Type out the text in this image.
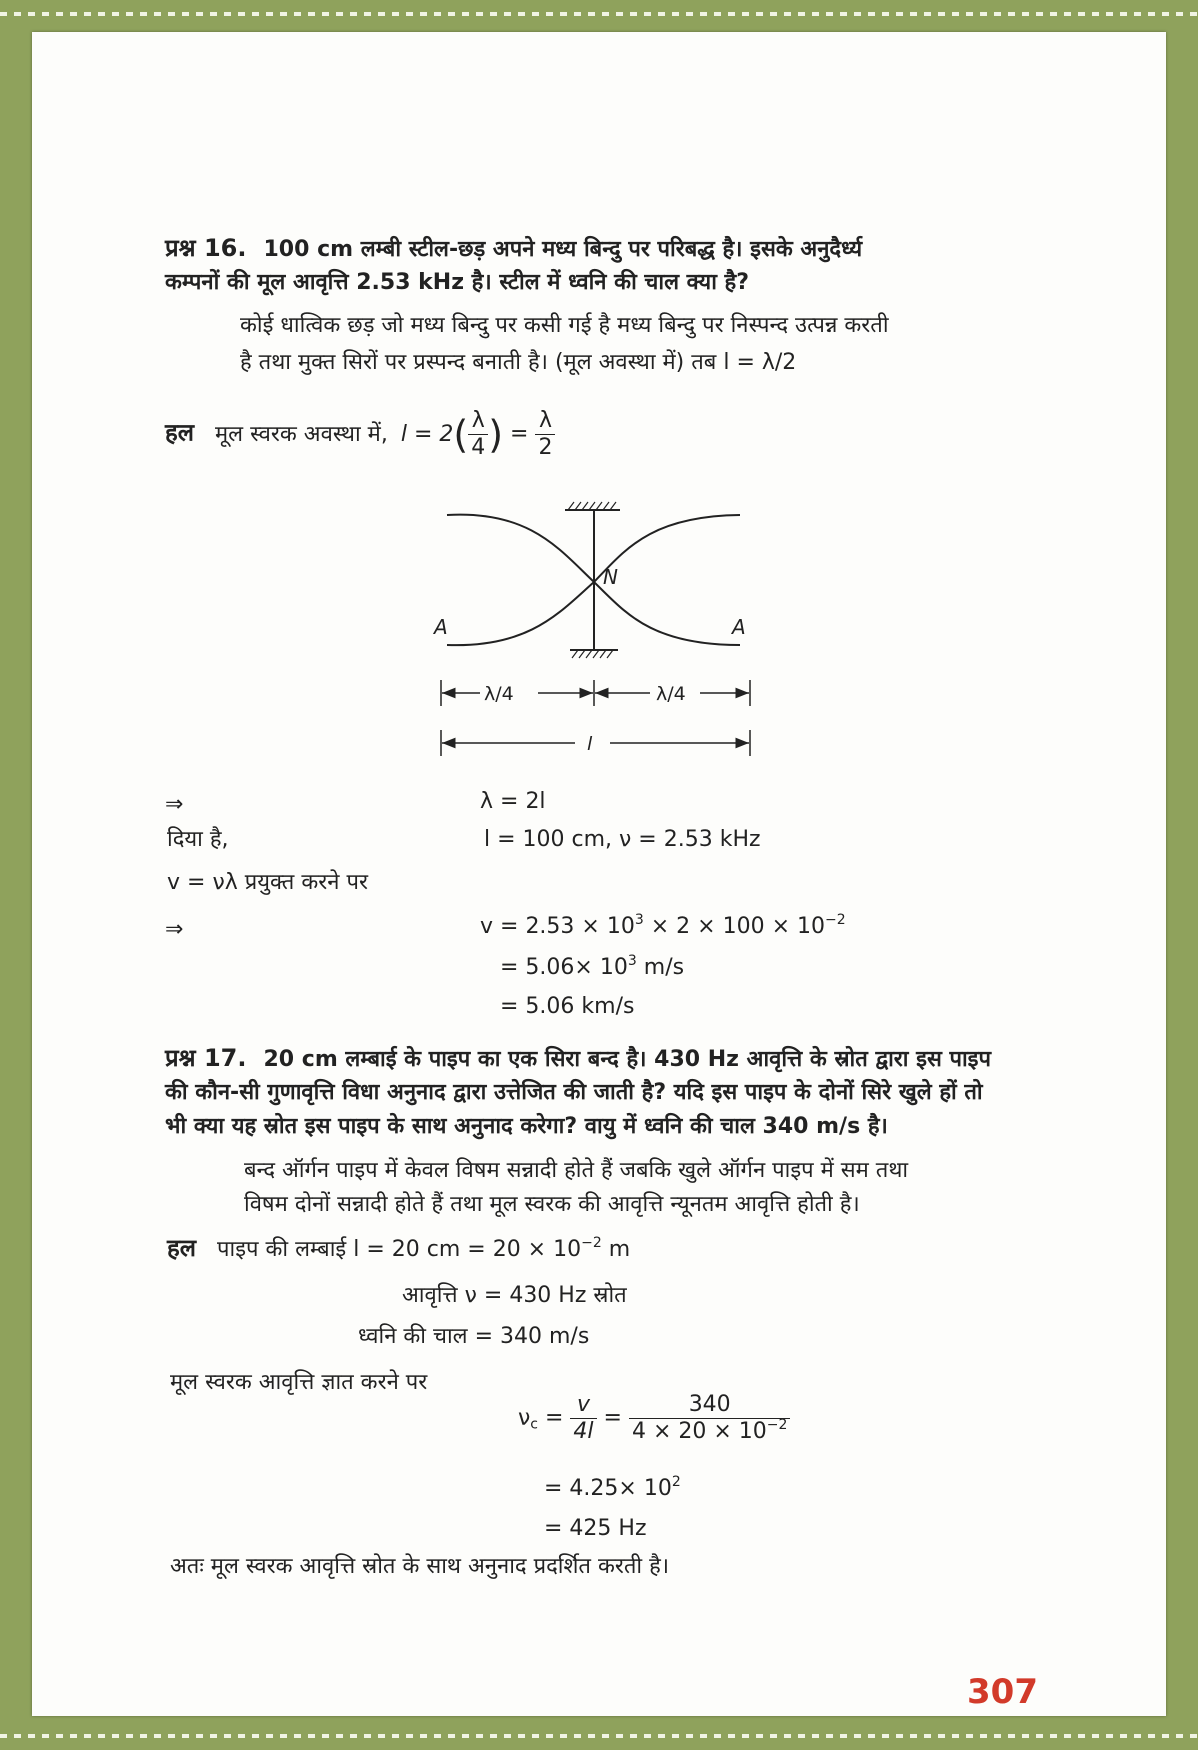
प्रश्न 16. 100 cm लम्बी स्टील-छड़ अपने मध्य बिन्दु पर परिबद्ध है। इसके अनुदैर्ध्य
कम्पनों की मूल आवृत्ति 2.53 kHz है। स्टील में ध्वनि की चाल क्या है?
कोई धात्विक छड़ जो मध्य बिन्दु पर कसी गई है मध्य बिन्दु पर निस्पन्द उत्पन्न करती
है तथा मुक्त सिरों पर प्रस्पन्द बनाती है। (मूल अवस्था में) तब l = λ/2
हल मूल स्वरक अवस्था में, $l = 2( \frac{\lambda}{4}$ ) = $\frac{\lambda}{2}$
N
A	A
λ/4	λ/4
l
⇒	λ = 2l
दिया है,	l = 100 cm, ν = 2.53 kHz
v = νλ प्रयुक्त करने पर
⇒	$v = 2.53 \times 10^3 \times 2 \times 100 \times 10^{-2}$
= $5.06\times 10^3$ m/s
= 5.06 km/s
प्रश्न 17. 20 cm लम्बाई के पाइप का एक सिरा बन्द है। 430 Hz आवृत्ति के स्रोत द्वारा इस पाइप
की कौन-सी गुणावृत्ति विधा अनुनाद द्वारा उत्तेजित की जाती है? यदि इस पाइप के दोनों सिरे खुले हों तो
भी क्या यह स्रोत इस पाइप के साथ अनुनाद करेगा? वायु में ध्वनि की चाल 340 m/s है।
बन्द ऑर्गन पाइप में केवल विषम सन्नादी होते हैं जबकि खुले ऑर्गन पाइप में सम तथा
विषम दोनों सन्नादी होते हैं तथा मूल स्वरक की आवृत्ति न्यूनतम आवृत्ति होती है।
हल पाइप की लम्बाई l = 20 cm = $20 \times 10^{-2}$ m
आवृत्ति ν = 430 Hz स्रोत
ध्वनि की चाल = 340 m/s
मूल स्वरक आवृत्ति ज्ञात करने पर
$\nu_c = \frac{v}{4l} = \frac{340}{4 \times 20 \times 10^{-2}}$
= $4.25\times 10^2$
= 425 Hz
अतः मूल स्वरक आवृत्ति स्रोत के साथ अनुनाद प्रदर्शित करती है।
307
